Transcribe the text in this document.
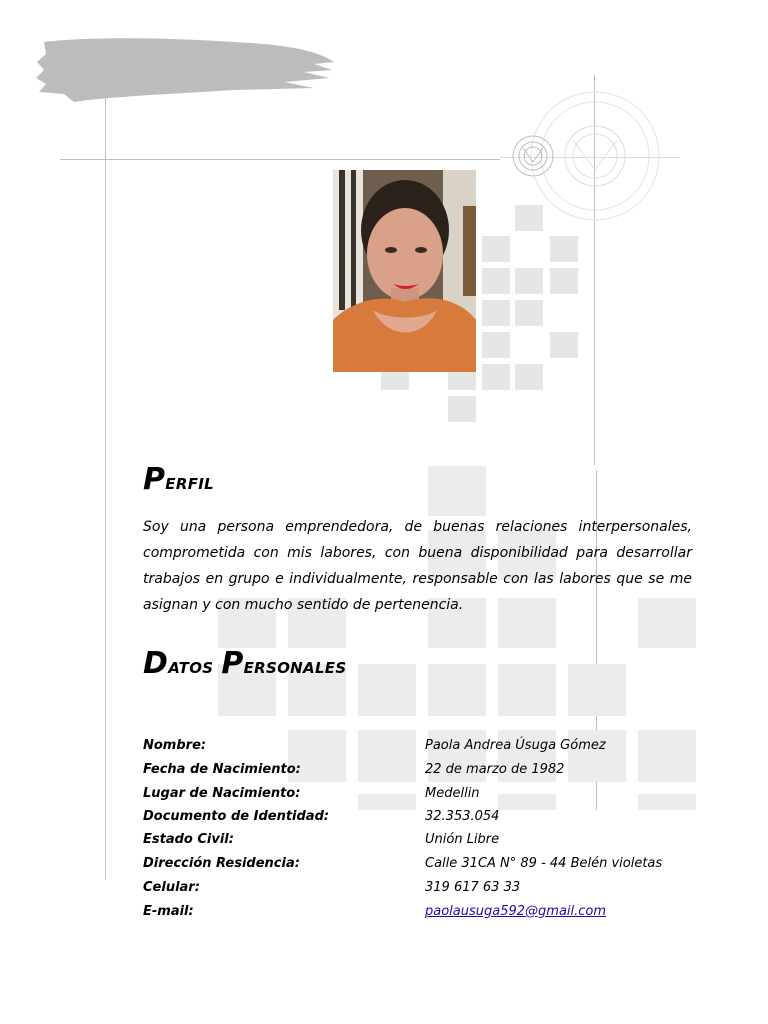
Perfil
Soy una persona emprendedora, de buenas relaciones interpersonales, comprometida con mis labores, con buena disponibilidad para desarrollar trabajos en grupo e individualmente, responsable con las labores que se me asignan y con mucho sentido de pertenencia.
Datos Personales
Nombre:	Paola Andrea Úsuga Gómez
Fecha de Nacimiento:	22 de marzo de 1982
Lugar de Nacimiento:	Medellin
Documento de Identidad:	32.353.054
Estado Civil:	Unión Libre
Dirección Residencia:	Calle 31CA N° 89 - 44 Belén violetas
Celular:	319 617 63 33
E-mail:	paolausuga592@gmail.com
